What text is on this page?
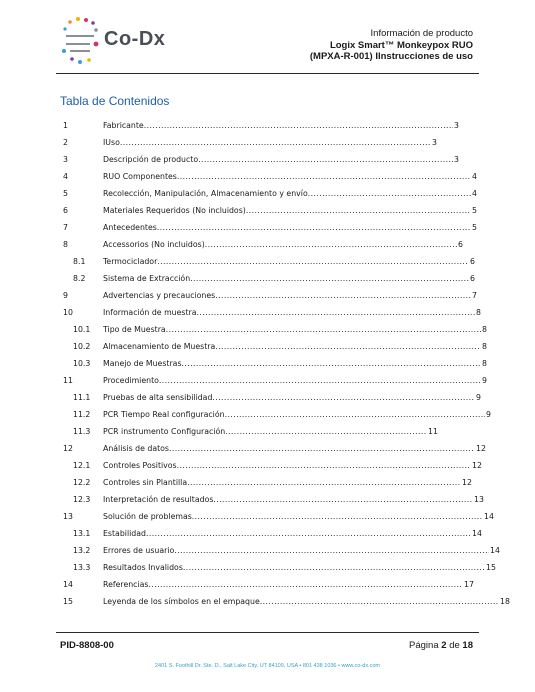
Co-Dx	Información de producto
Logix Smart™ Monkeypox RUO
(MPXA-R-001) Ilnstrucciones de uso
Tabla de Contenidos
1	Fabricante .....	3
2	IUso .....	3
3	Descripción de producto .....	3
4	RUO Componentes .....	4
5	Recolección, Manipulación, Almacenamiento y envío .....	4
6	Materiales Requeridos (No incluidos) .....	5
7	Antecedentes .....	5
8	Accessorios (No incluidos) .....	6
8.1 Termociclador .....	6
8.2 Sistema de Extracción .....	6
9	Advertencias y precauciones .....	7
10	Información de muestra .....	8
10.1 Tipo de Muestra .....	8
10.2 Almacenamiento de Muestra .....	8
10.3 Manejo de Muestras .....	8
11	Procedimiento .....	9
11.1 Pruebas de alta sensibilidad .....	9
11.2 PCR Tiempo Real configuración .....	9
11.3 PCR instrumento Configuración .....	11
12	Análisis de datos .....	12
12.1 Controles Positivos .....	12
12.2 Controles sin Plantilla .....	12
12.3 Interpretación de resultados .....	13
13	Solución de problemas .....	14
13.1 Estabilidad .....	14
13.2 Errores de usuario .....	14
13.3 Resultados Invalidos .....	15
14	Referencias .....	17
15	Leyenda de los símbolos en el empaque .....	18
PID-8808-00	Página 2 de 18
2401 S. Foothill Dr. Ste. D., Salt Lake City, UT 84109, USA • 801 438 1036 • www.co-dx.com
